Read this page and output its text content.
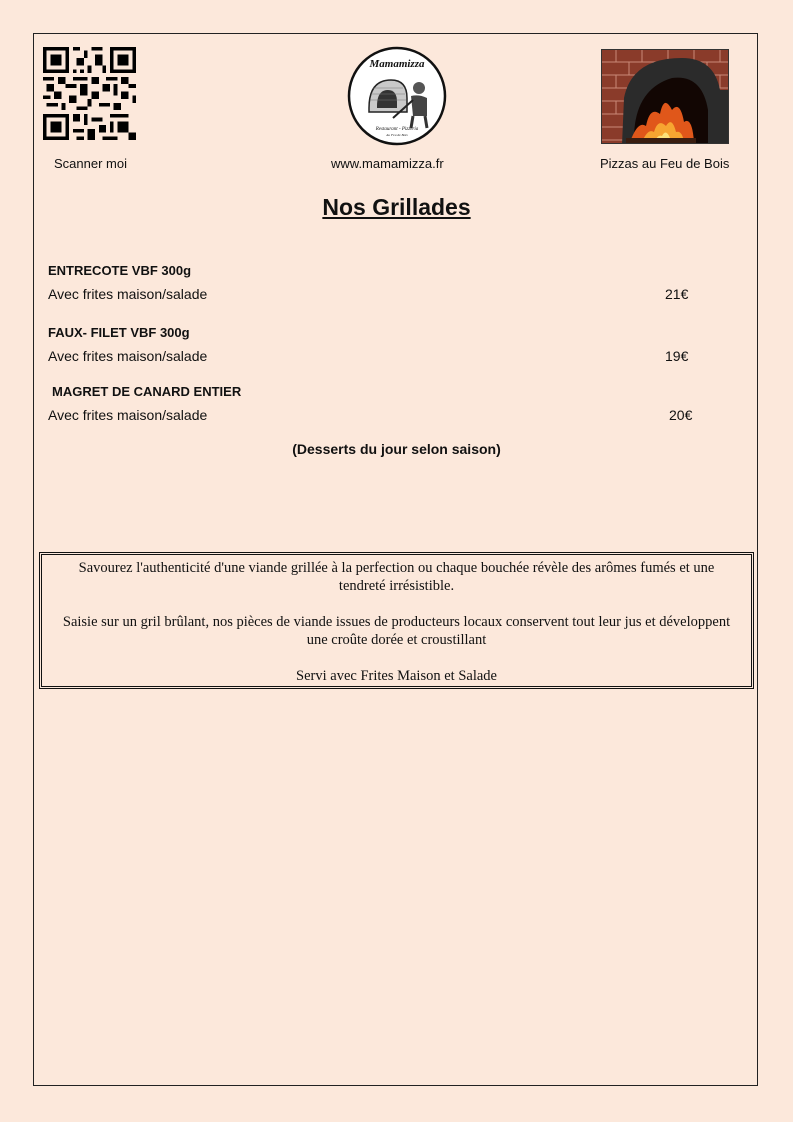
Scanner moi
Mamamizza
Restaurant - Pizzeria
Au Feu de Bois
www.mamamizza.fr	Pizzas au Feu de Bois
Nos Grillades
ENTRECOTE VBF 300g
Avec frites maison/salade	21€
FAUX- FILET VBF 300g
Avec frites maison/salade	19€
MAGRET DE CANARD ENTIER
Avec frites maison/salade	20€
(Desserts du jour selon saison)

Savourez l'authenticité d'une viande grillée à la perfection ou chaque bouchée révèle des arômes fumés et une tendreté irrésistible.

Saisie sur un gril brûlant, nos pièces de viande issues de producteurs locaux conservent tout leur jus et développent une croûte dorée et croustillant

Servi avec Frites Maison et Salade
